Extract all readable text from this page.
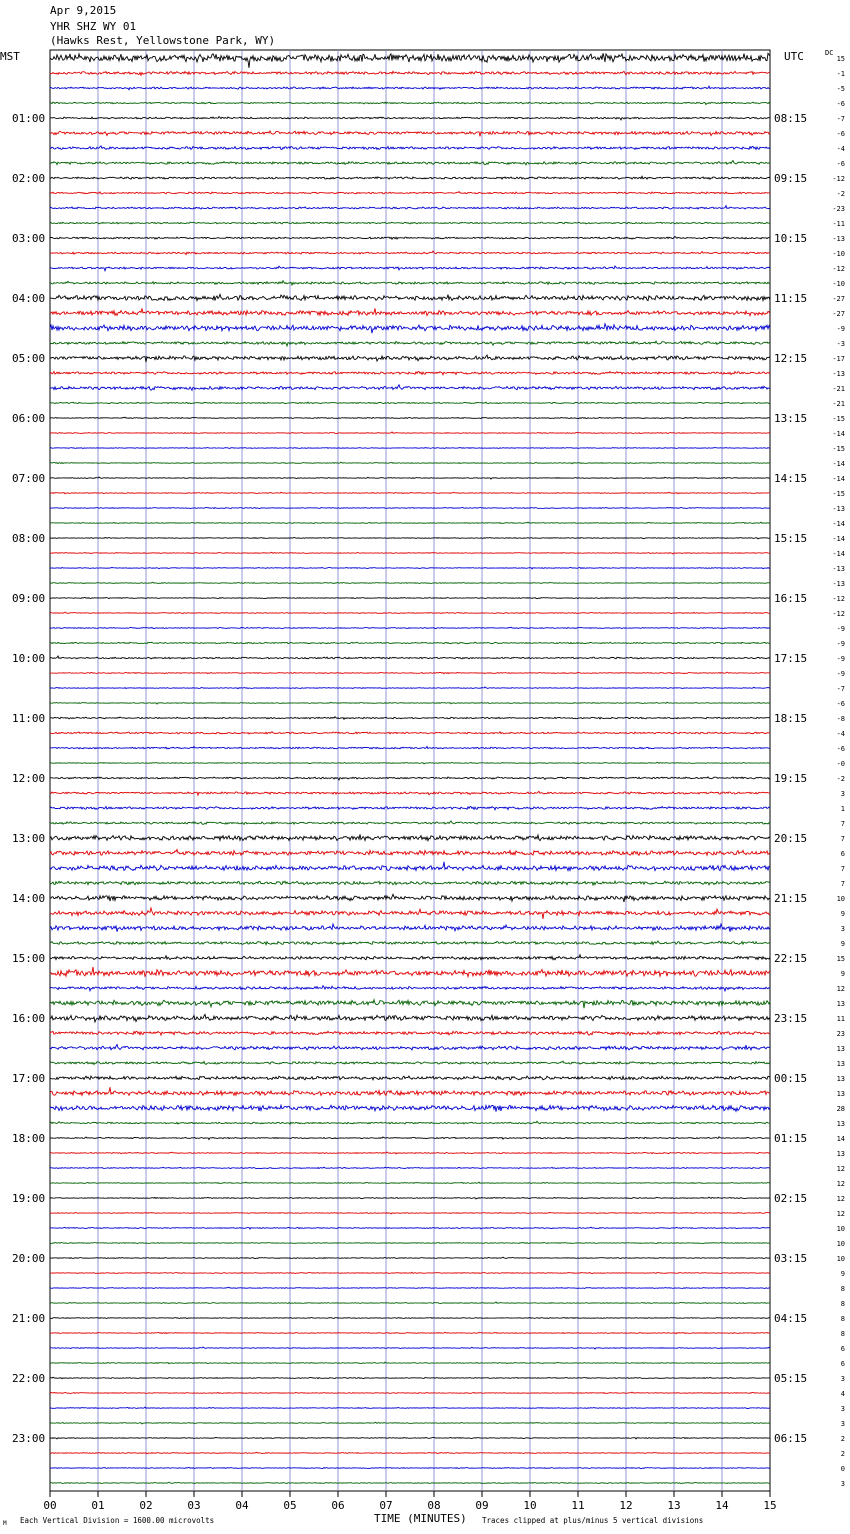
Apr 9,2015
YHR SHZ WY 01
(Hawks Rest, Yellowstone Park, WY)
MST	UTC	DC
TIME (MINUTES)
Each Vertical Division = 1600.00 microvolts	Traces clipped at plus/minus 5 vertical divisions
M
00	01	02	03	04	05	06	07	08	09	10	11	12	13	14	15
01:00	08:15
02:00	09:15
03:00	10:15
04:00	11:15
05:00	12:15
06:00	13:15
07:00	14:15
08:00	15:15
09:00	16:15
10:00	17:15
11:00	18:15
12:00	19:15
13:00	20:15
14:00	21:15
15:00	22:15
16:00	23:15
17:00	00:15
18:00	01:15
19:00	02:15
20:00	03:15
21:00	04:15
22:00	05:15
23:00	06:15
15
-1
-5
-6
-7
-6
-4
-6
-12
-2
-23
-11
-13
-10
-12
-10
-27
-27
-9
-3
-17
-13
-21
-21
-15
-14
-15
-14
-14
-15
-13
-14
-14
-14
-13
-13
-12
-12
-9
-9
-9
-9
-7
-6
-8
-4
-6
-0
-2
3
1
7
7
6
7
7
10
9
3
9
15
9
12
13
11
23
13
13
13
13
28
13
14
13
12
12
12
12
10
10
10
9
8
8
8
8
6
6
3
4
3
3
2
2
0
3
